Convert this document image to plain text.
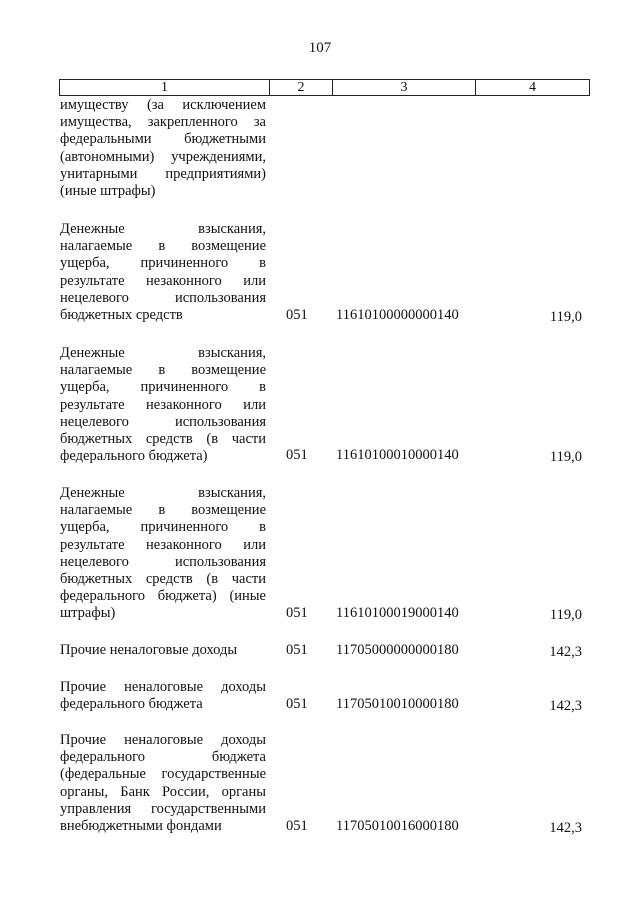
107
1	2	3	4
имуществу (за исключением имущества, закрепленного за федеральными бюджетными (автономными) учреждениями, унитарными предприятиями) (иные штрафы)
Денежные взыскания, налагаемые в возмещение ущерба, причиненного в результате незаконного или нецелевого использования бюджетных средств	051	11610100000000140	119,0
Денежные взыскания, налагаемые в возмещение ущерба, причиненного в результате незаконного или нецелевого использования бюджетных средств (в части федерального бюджета)	051	11610100010000140	119,0
Денежные взыскания, налагаемые в возмещение ущерба, причиненного в результате незаконного или нецелевого использования бюджетных средств (в части федерального бюджета) (иные штрафы)	051	11610100019000140	119,0
Прочие неналоговые доходы	051	11705000000000180	142,3
Прочие неналоговые доходы федерального бюджета	051	11705010010000180	142,3
Прочие неналоговые доходы федерального бюджета (федеральные государственные органы, Банк России, органы управления государственными внебюджетными фондами	051	11705010016000180	142,3
